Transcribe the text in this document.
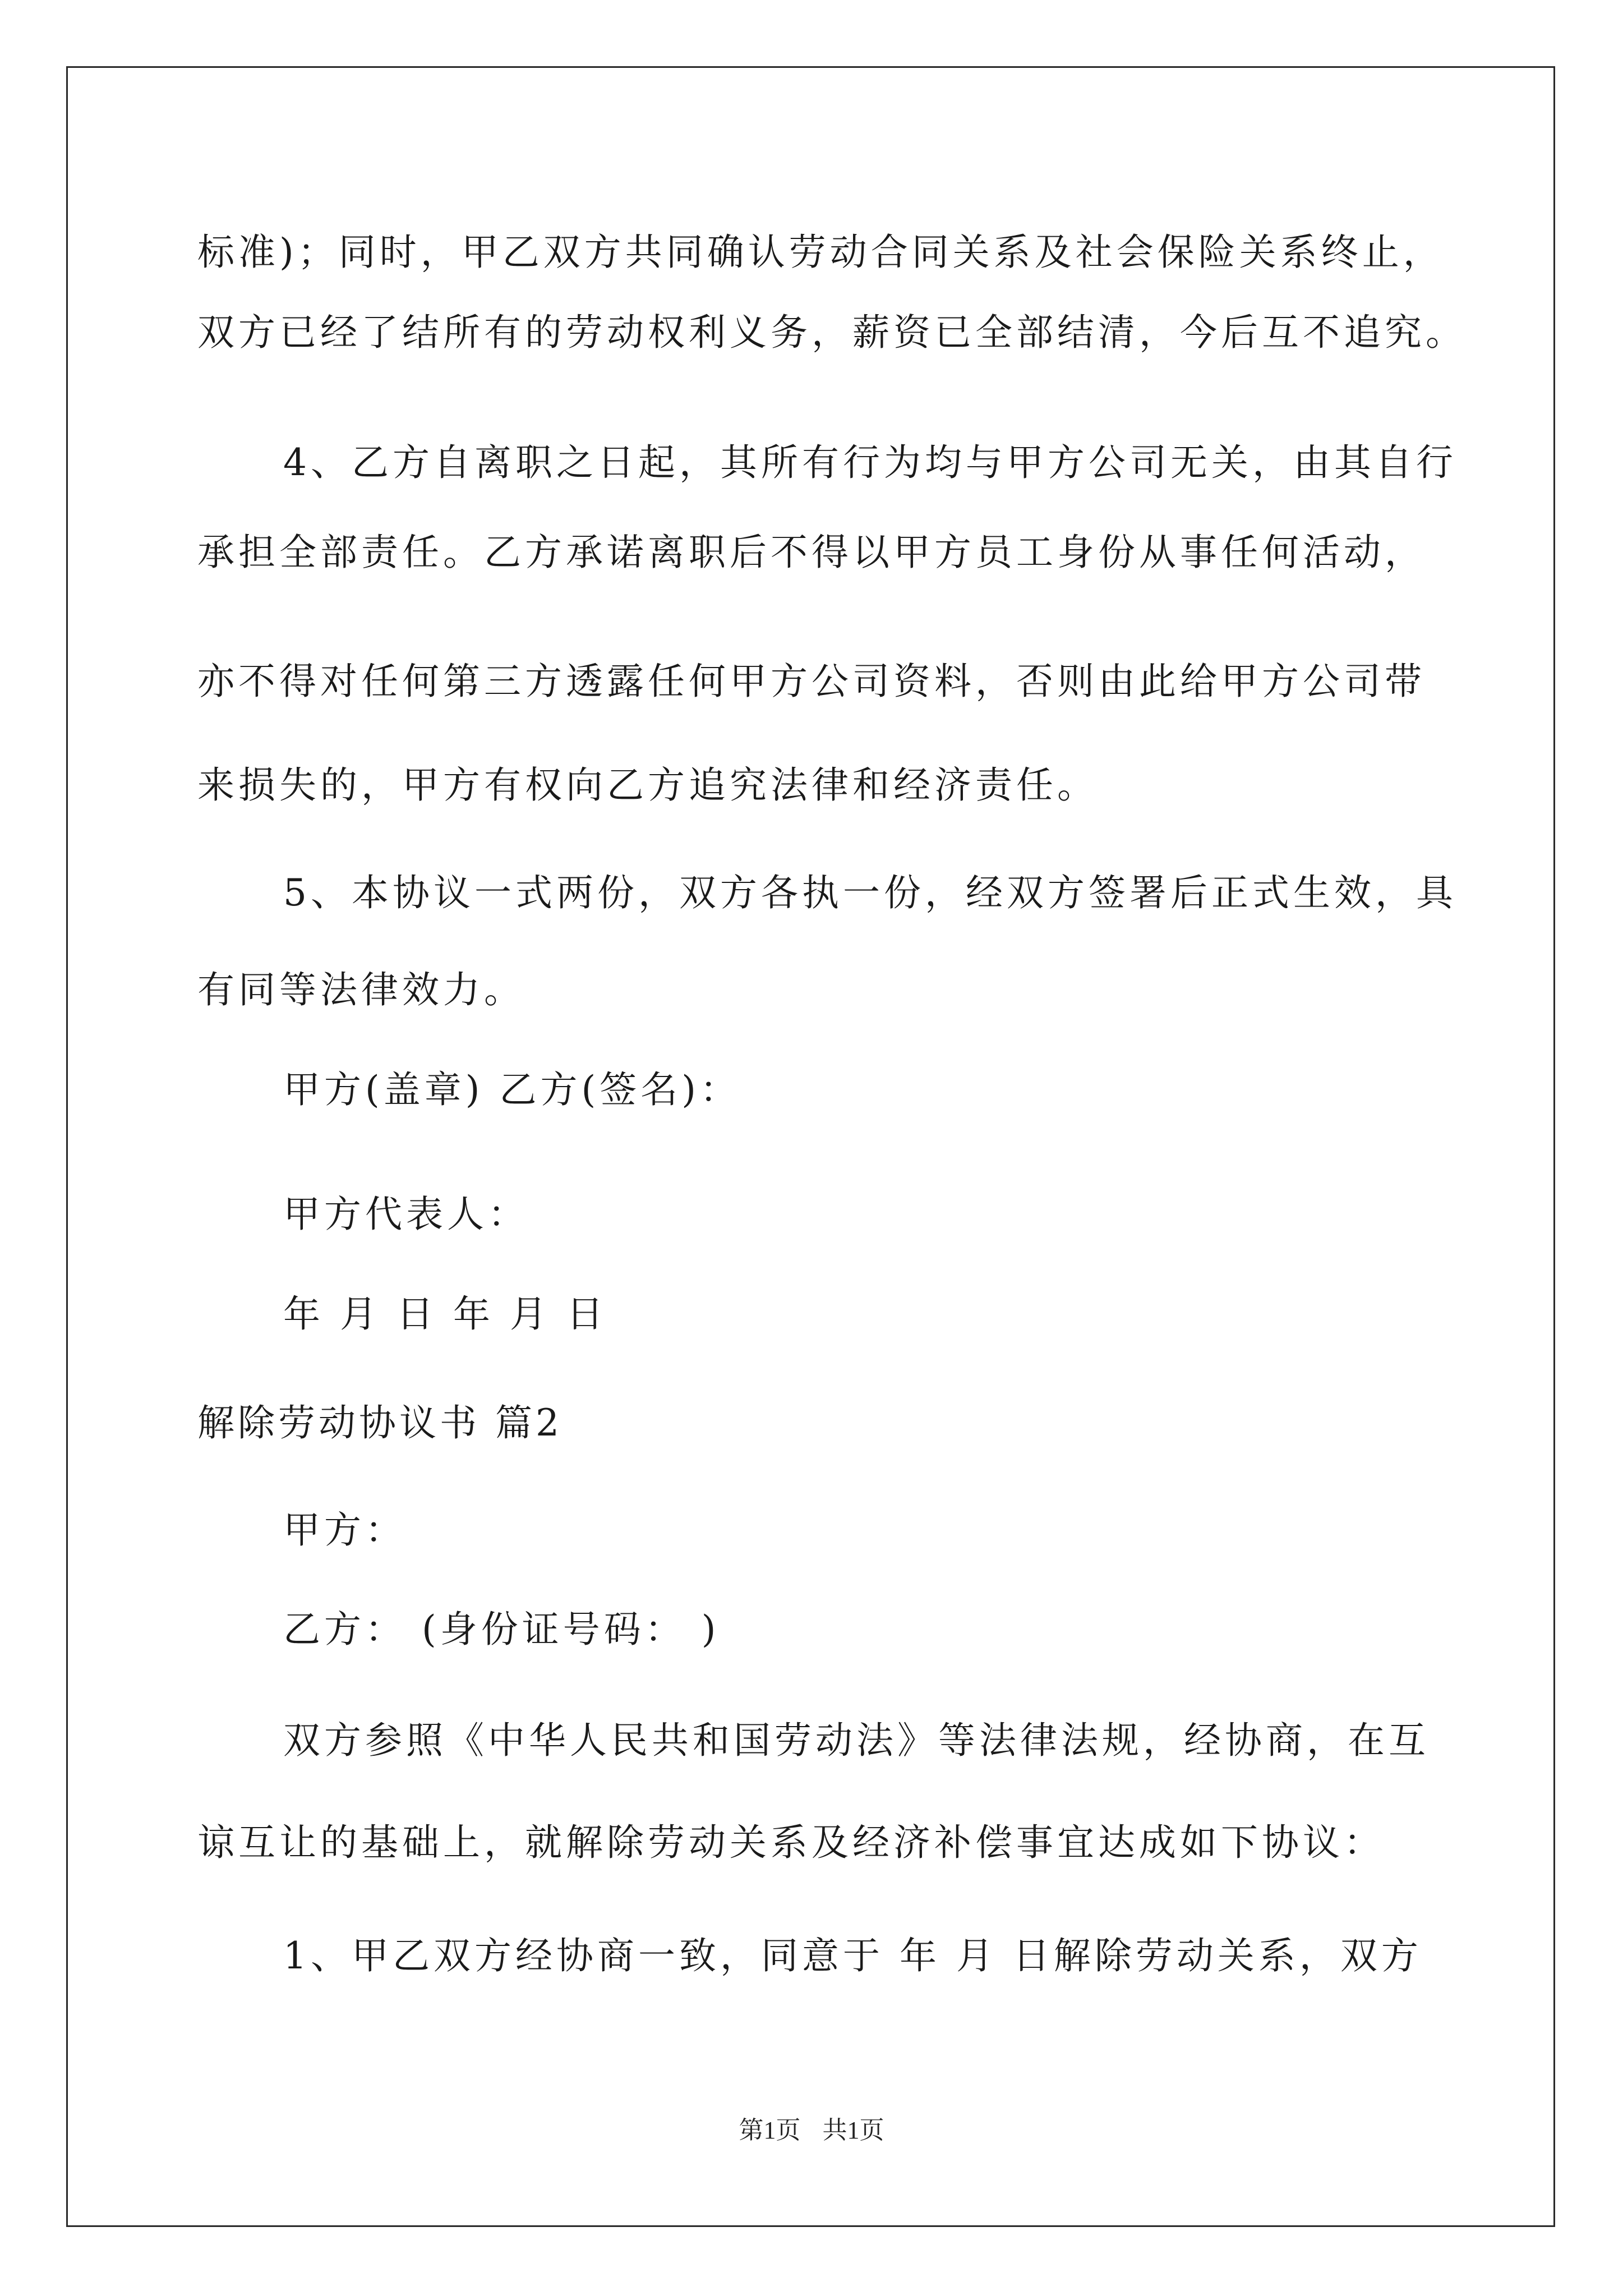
标准)；同时，甲乙双方共同确认劳动合同关系及社会保险关系终止，
双方已经了结所有的劳动权利义务，薪资已全部结清，今后互不追究。
4、乙方自离职之日起，其所有行为均与甲方公司无关，由其自行
承担全部责任。乙方承诺离职后不得以甲方员工身份从事任何活动，
亦不得对任何第三方透露任何甲方公司资料，否则由此给甲方公司带
来损失的，甲方有权向乙方追究法律和经济责任。
5、本协议一式两份，双方各执一份，经双方签署后正式生效，具
有同等法律效力。
甲方(盖章) 乙方(签名)：
甲方代表人：
年 月 日 年 月 日
解除劳动协议书 篇2
甲方：
乙方： (身份证号码： )
双方参照《中华人民共和国劳动法》等法律法规，经协商，在互
谅互让的基础上，就解除劳动关系及经济补偿事宜达成如下协议：
1、甲乙双方经协商一致，同意于 年 月 日解除劳动关系，双方
第1页 共1页
